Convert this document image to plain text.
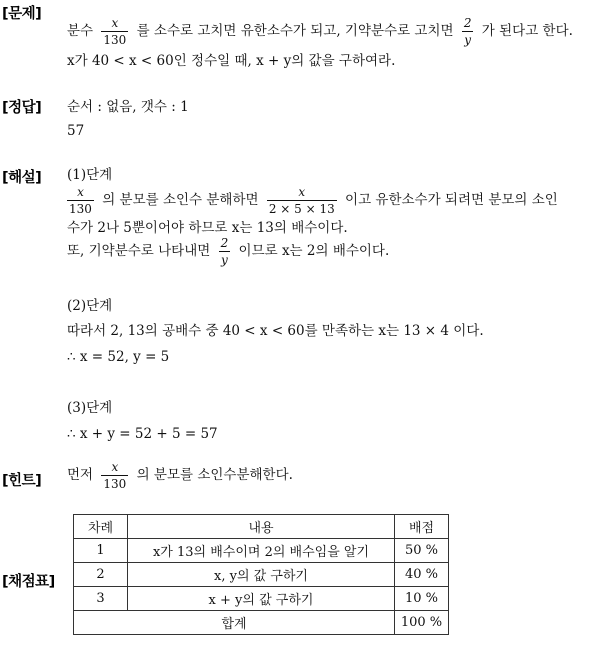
[문제]
분수 $\frac{x}{130}$ 를 소수로 고치면 유한소수가 되고, 기약분수로 고치면 $\frac{2}{y}$ 가 된다고 한다.
x가 40 < x < 60인 정수일 때, x + y의 값을 구하여라.
[정답] 순서 : 없음, 갯수 : 1
57
[해설] (1)단계
$\frac{x}{130}$ 의 분모를 소인수 분해하면 $\frac{x}{2 \times 5 \times 13}$ 이고 유한소수가 되려면 분모의 소인
수가 2나 5뿐이어야 하므로 x는 13의 배수이다.
또, 기약분수로 나타내면 $\frac{2}{y}$ 이므로 x는 2의 배수이다.
(2)단계
따라서 2, 13의 공배수 중 40 < x < 60를 만족하는 x는 13 × 4 이다.
∴ x = 52, y = 5
(3)단계
∴ x + y = 52 + 5 = 57
[힌트] 먼저 $\frac{x}{130}$ 의 분모를 소인수분해한다.
[채점표]
차례	내용	배점
1	x가 13의 배수이며 2의 배수임을 알기	50 %
2	x, y의 값 구하기	40 %
3	x + y의 값 구하기	10 %
합계		100 %
